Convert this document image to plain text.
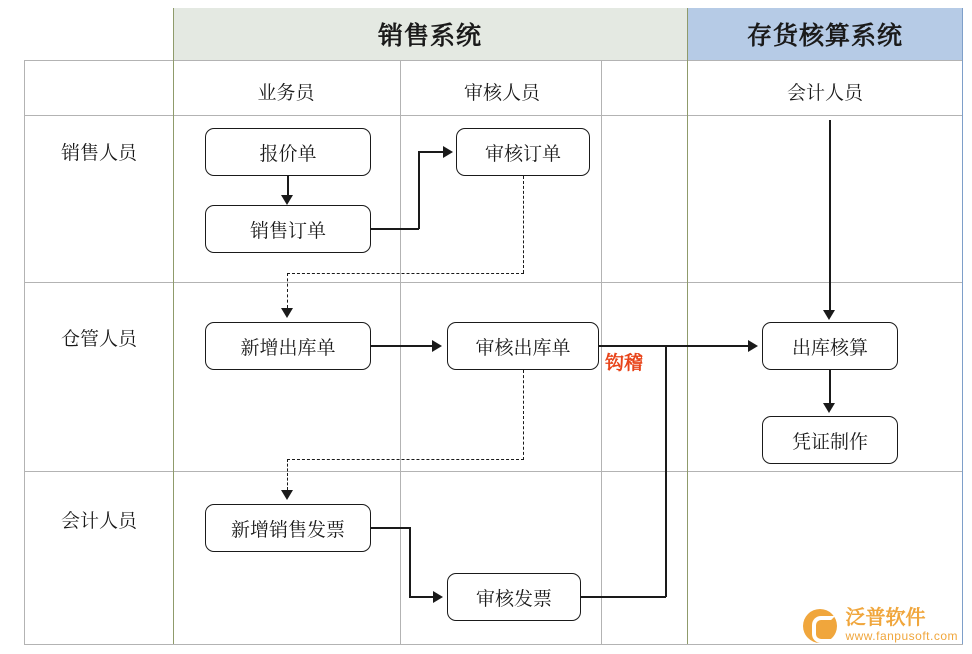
销售系统	存货核算系统
业务员	审核人员	会计人员
销售人员
仓管人员
会计人员
报价单
销售订单
审核订单
新增出库单	审核出库单	出库核算
凭证制作
新增销售发票
审核发票
钩稽
泛普软件
www.fanpusoft.com
